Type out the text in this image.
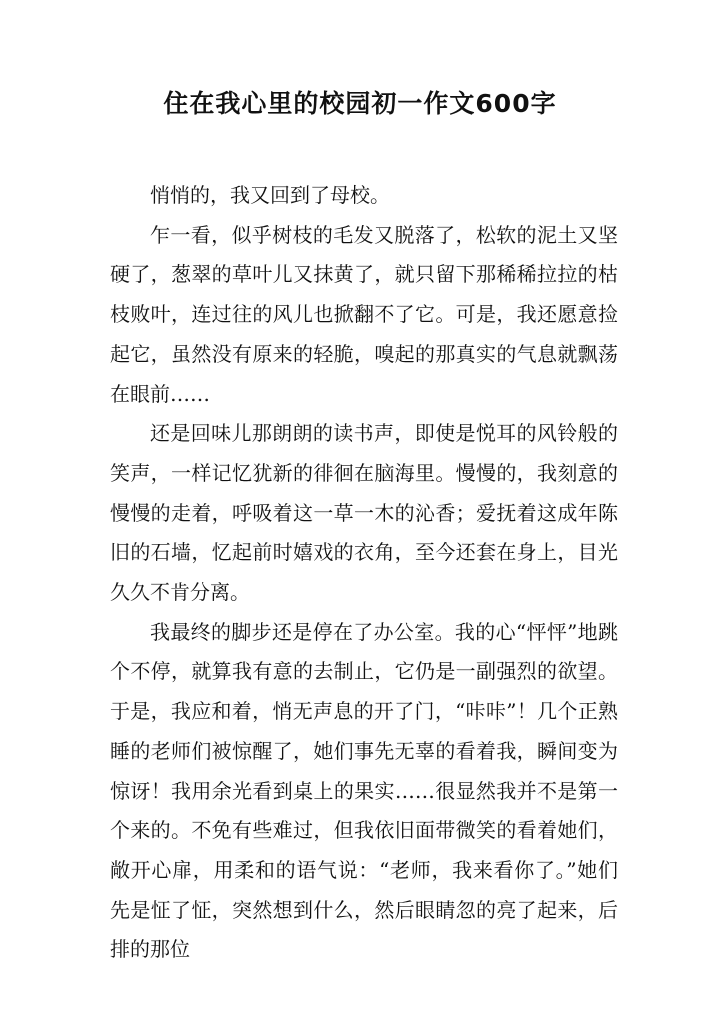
住在我心里的校园初一作文600字

悄悄的，我又回到了母校。

乍一看，似乎树枝的毛发又脱落了，松软的泥土又坚硬了，葱翠的草叶儿又抹黄了，就只留下那稀稀拉拉的枯枝败叶，连过往的风儿也掀翻不了它。可是，我还愿意捡起它，虽然没有原来的轻脆，嗅起的那真实的气息就飘荡在眼前……

还是回味儿那朗朗的读书声，即使是悦耳的风铃般的笑声，一样记忆犹新的徘徊在脑海里。慢慢的，我刻意的慢慢的走着，呼吸着这一草一木的沁香；爱抚着这成年陈旧的石墙，忆起前时嬉戏的衣角，至今还套在身上，目光久久不肯分离。

我最终的脚步还是停在了办公室。我的心“怦怦”地跳个不停，就算我有意的去制止，它仍是一副强烈的欲望。于是，我应和着，悄无声息的开了门，“咔咔”！几个正熟睡的老师们被惊醒了，她们事先无辜的看着我，瞬间变为惊讶！我用余光看到桌上的果实……很显然我并不是第一个来的。不免有些难过，但我依旧面带微笑的看着她们，敞开心扉，用柔和的语气说：“老师，我来看你了。”她们先是怔了怔，突然想到什么，然后眼睛忽的亮了起来，后排的那位
